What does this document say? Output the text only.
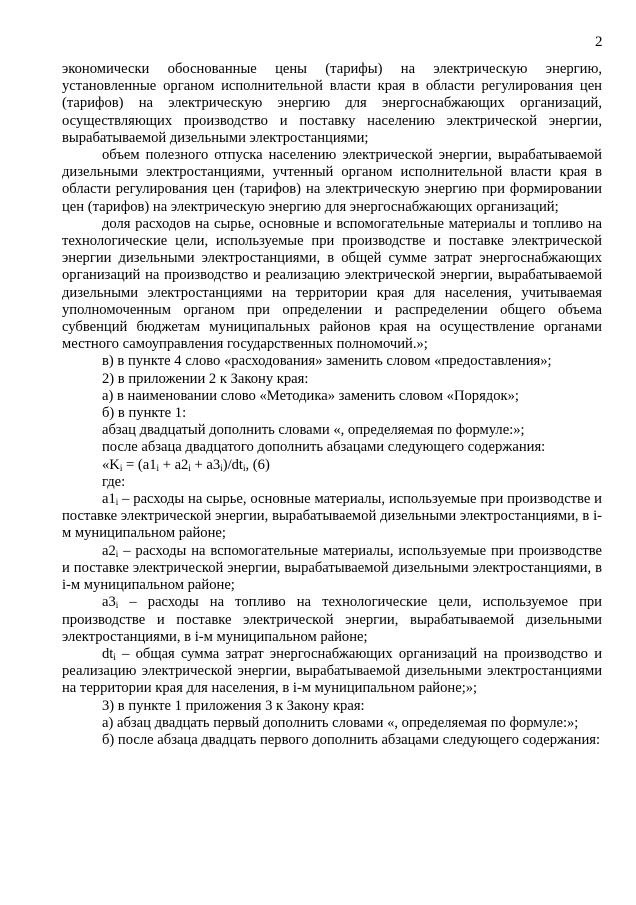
2

экономически обоснованные цены (тарифы) на электрическую энергию, установленные органом исполнительной власти края в области регулирования цен (тарифов) на электрическую энергию для энергоснабжающих организаций, осуществляющих производство и поставку населению электрической энергии, вырабатываемой дизельными электростанциями;

объем полезного отпуска населению электрической энергии, вырабатываемой дизельными электростанциями, учтенный органом исполнительной власти края в области регулирования цен (тарифов) на электрическую энергию при формировании цен (тарифов) на электрическую энергию для энергоснабжающих организаций;

доля расходов на сырье, основные и вспомогательные материалы и топливо на технологические цели, используемые при производстве и поставке электрической энергии дизельными электростанциями, в общей сумме затрат энергоснабжающих организаций на производство и реализацию электрической энергии, вырабатываемой дизельными электростанциями на территории края для населения, учитываемая уполномоченным органом при определении и распределении общего объема субвенций бюджетам муниципальных районов края на осуществление органами местного самоуправления государственных полномочий.»;

в) в пункте 4 слово «расходования» заменить словом «предоставления»;

2) в приложении 2 к Закону края:

а) в наименовании слово «Методика» заменить словом «Порядок»;

б) в пункте 1:

абзац двадцатый дополнить словами «, определяемая по формуле:»;

после абзаца двадцатого дополнить абзацами следующего содержания:

«$K_i = (a1_i + a2_i + a3_i)/dt_i$, (6)

где:

$a1_i$ – расходы на сырье, основные материалы, используемые при производстве и поставке электрической энергии, вырабатываемой дизельными электростанциями, в i-м муниципальном районе;

$a2_i$ – расходы на вспомогательные материалы, используемые при производстве и поставке электрической энергии, вырабатываемой дизельными электростанциями, в i-м муниципальном районе;

$a3_i$ – расходы на топливо на технологические цели, используемое при производстве и поставке электрической энергии, вырабатываемой дизельными электростанциями, в i-м муниципальном районе;

$dt_i$ – общая сумма затрат энергоснабжающих организаций на производство и реализацию электрической энергии, вырабатываемой дизельными электростанциями на территории края для населения, в i-м муниципальном районе;»;

3) в пункте 1 приложения 3 к Закону края:

а) абзац двадцать первый дополнить словами «, определяемая по формуле:»;

б) после абзаца двадцать первого дополнить абзацами следующего содержания:
